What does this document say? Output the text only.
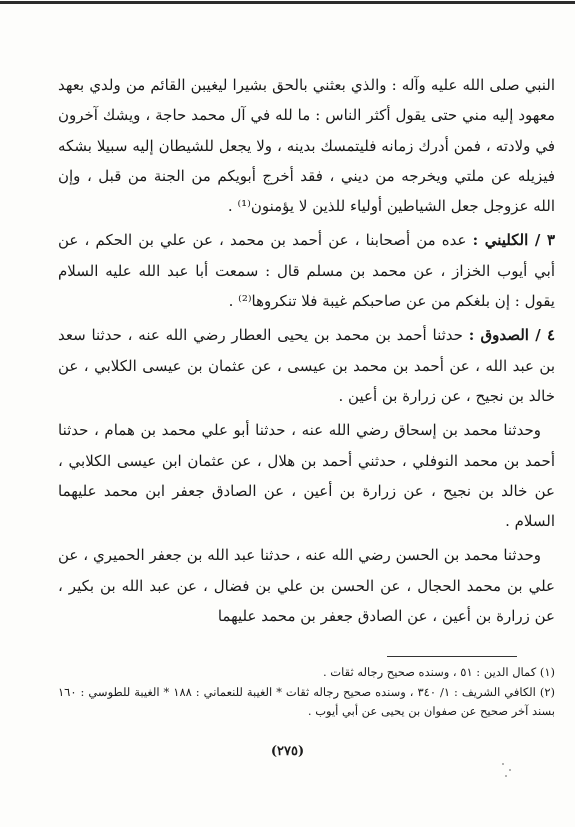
النبي صلى الله عليه وآله : والذي بعثني بالحق بشيرا ليغيبن القائم من ولدي بعهد معهود إليه مني حتى يقول أكثر الناس : ما لله في آل محمد حاجة ، ويشك آخرون في ولادته ، فمن أدرك زمانه فليتمسك بدينه ، ولا يجعل للشيطان إليه سبيلا بشكه فيزيله عن ملتي ويخرجه من ديني ، فقد أخرج أبويكم من الجنة من قبل ، وإن الله عزوجل جعل الشياطين أولياء للذين لا يؤمنون⁽¹⁾ .

٣ / الكليني : عده من أصحابنا ، عن أحمد بن محمد ، عن علي بن الحكم ، عن أبي أيوب الخزاز ، عن محمد بن مسلم قال : سمعت أبا عبد الله عليه السلام يقول : إن بلغكم من عن صاحبكم غيبة فلا تنكروها⁽²⁾ .

٤ / الصدوق : حدثنا أحمد بن محمد بن يحيى العطار رضي الله عنه ، حدثنا سعد بن عبد الله ، عن أحمد بن محمد بن عيسى ، عن عثمان بن عيسى الكلابي ، عن خالد بن نجيح ، عن زرارة بن أعين .

وحدثنا محمد بن إسحاق رضي الله عنه ، حدثنا أبو علي محمد بن همام ، حدثنا أحمد بن محمد النوفلي ، حدثني أحمد بن هلال ، عن عثمان ابن عيسى الكلابي ، عن خالد بن نجيح ، عن زرارة بن أعين ، عن الصادق جعفر ابن محمد عليهما السلام .

وحدثنا محمد بن الحسن رضي الله عنه ، حدثنا عبد الله بن جعفر الحميري ، عن علي بن محمد الحجال ، عن الحسن بن علي بن فضال ، عن عبد الله بن بكير ، عن زرارة بن أعين ، عن الصادق جعفر بن محمد عليهما

(١) كمال الدين : ٥١ ، وسنده صحيح رجاله ثقات .

(٢) الكافي الشريف : ١/ ٣٤٠ ، وسنده صحيح رجاله ثقات * الغيبة للنعماني : ١٨٨ * الغيبة للطوسي : ١٦٠ بسند آخر صحيح عن صفوان بن يحيى عن أبي أيوب .

(٢٧٥)
